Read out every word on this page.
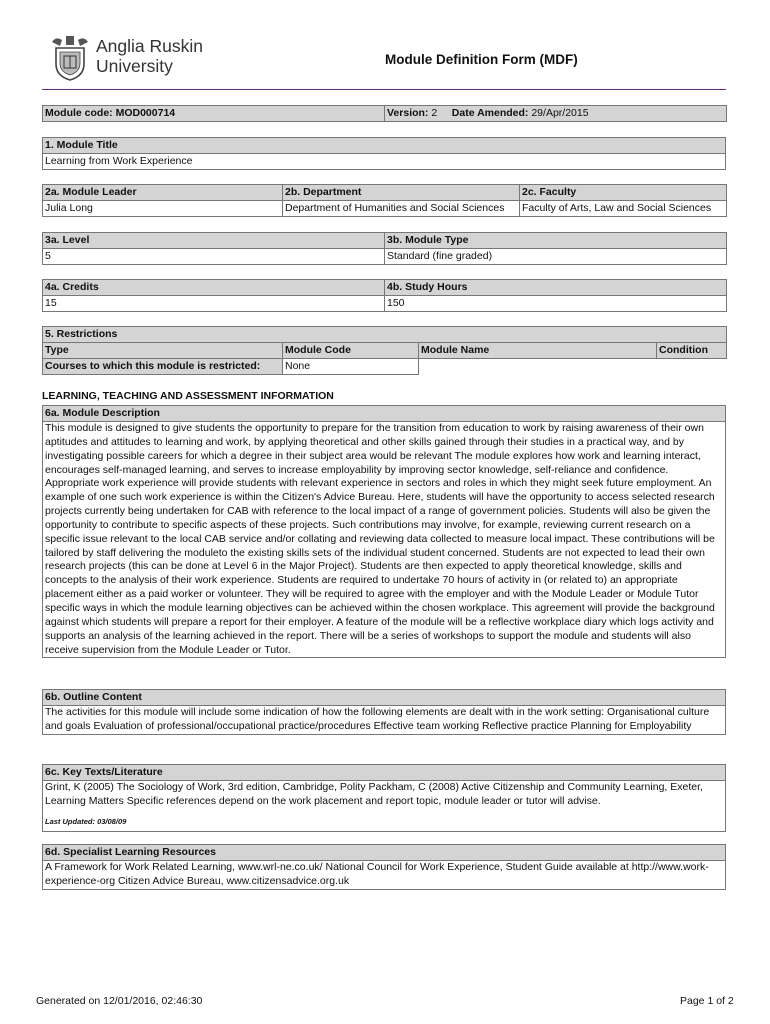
Anglia Ruskin
University	Module Definition Form (MDF)
Module code: MOD000714	Version: 2 Date Amended: 29/Apr/2015
1. Module Title
Learning from Work Experience
2a. Module Leader	2b. Department	2c. Faculty
Julia Long	Department of Humanities and Social Sciences	Faculty of Arts, Law and Social Sciences
3a. Level	3b. Module Type
5	Standard (fine graded)
4a. Credits	4b. Study Hours
15	150
5. Restrictions			
Type	Module Code	Module Name	Condition
Courses to which this module is restricted:	None		
LEARNING, TEACHING AND ASSESSMENT INFORMATION
6a. Module Description
This module is designed to give students the opportunity to prepare for the transition from education to work by raising awareness of their own aptitudes and attitudes to learning and work, by applying theoretical and other skills gained through their studies in a practical way, and by investigating possible careers for which a degree in their subject area would be relevant The module explores how work and learning interact, encourages self-managed learning, and serves to increase employability by improving sector knowledge, self-reliance and confidence. Appropriate work experience will provide students with relevant experience in sectors and roles in which they might seek future employment. An example of one such work experience is within the Citizen's Advice Bureau. Here, students will have the opportunity to access selected research projects currently being undertaken for CAB with reference to the local impact of a range of government policies. Students will also be given the opportunity to contribute to specific aspects of these projects. Such contributions may involve, for example, reviewing current research on a specific issue relevant to the local CAB service and/or collating and reviewing data collected to measure local impact. These contributions will be tailored by staff delivering the moduleto the existing skills sets of the individual student concerned. Students are not expected to lead their own research projects (this can be done at Level 6 in the Major Project). Students are then expected to apply theoretical knowledge, skills and concepts to the analysis of their work experience. Students are required to undertake 70 hours of activity in (or related to) an appropriate placement either as a paid worker or volunteer. They will be required to agree with the employer and with the Module Leader or Module Tutor specific ways in which the module learning objectives can be achieved within the chosen workplace. This agreement will provide the background against which students will prepare a report for their employer. A feature of the module will be a reflective workplace diary which logs activity and supports an analysis of the learning achieved in the report. There will be a series of workshops to support the module and students will also receive supervision from the Module Leader or Tutor.
6b. Outline Content
The activities for this module will include some indication of how the following elements are dealt with in the work setting: Organisational culture and goals Evaluation of professional/occupational practice/procedures Effective team working Reflective practice Planning for Employability
6c. Key Texts/Literature
Grint, K (2005) The Sociology of Work, 3rd edition, Cambridge, Polity Packham, C (2008) Active Citizenship and Community Learning, Exeter, Learning Matters Specific references depend on the work placement and report topic, module leader or tutor will advise.
Last Updated: 03/08/09
6d. Specialist Learning Resources
A Framework for Work Related Learning, www.wrl-ne.co.uk/ National Council for Work Experience, Student Guide available at http://www.work-experience-org Citizen Advice Bureau, www.citizensadvice.org.uk
Generated on 12/01/2016, 02:46:30	Page 1 of 2
